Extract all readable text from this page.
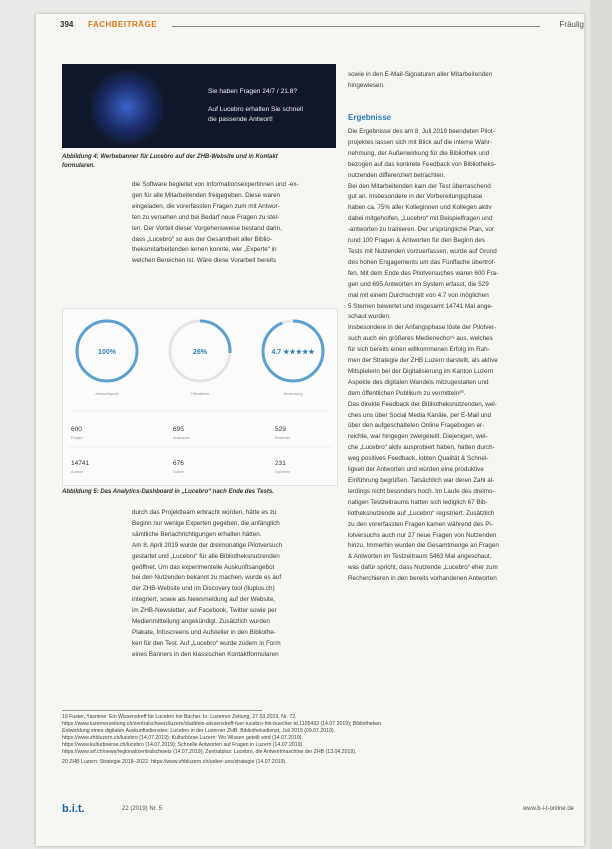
394 FACHBEITRÄGE	Fräulig
Sie haben Fragen 24/7 / 21.8?
Auf Lucebro erhalten Sie schnell
die passende Antwort!
Abbildung 4: Werbebanner für Lucebro auf der ZHB-Website und in Kontakt
formularen.
die Software begleitet von Informationsexpertinnen und -ex-
gen für alle Mitarbeitenden freigegeben. Diese waren
eingeladen, die vorerfassten Fragen zum mit Antwor-
ten zu versehen und bei Bedarf neue Fragen zu stel-
len. Der Vorteil dieser Vorgehensweise bestand darin,
dass „Lucebro“ so aus der Gesamtheit aller Biblio-
theksmitarbeitenden lernen konnte, wer „Experte“ in
welchen Bereichen ist. Wäre diese Vorarbeit bereits
100%	26%	4.7 ★★★★★
Antwortquote	Öffentliche	Bewertung
600
Fragen
695
Antworten
529
Bewertet
14741
Aufrufe
676
Nutzer
231
Experten
Abbildung 5: Das Analytics-Dashboard in „Lucebro“ nach Ende des Tests.
durch das Projektteam erbracht worden, hätte es zu
Beginn nur wenige Experten gegeben, die anfänglich
sämtliche Benachrichtigungen erhalten hätten.
Am 8. April 2019 wurde der dreimonatige Pilotversuch
gestartet und „Lucebro“ für alle Bibliotheksnutzenden
geöffnet. Um das experimentelle Auskunftsangebot
bei den Nutzenden bekannt zu machen, wurde es auf
der ZHB-Website und im Discovery tool (Iluplus.ch)
integriert, sowie als Newsmeldung auf der Website,
im ZHB-Newsletter, auf Facebook, Twitter sowie per
Medienmitteilung angekündigt. Zusätzlich wurden
Plakate, Infoscreens und Aufsteller in den Bibliothe-
ken für den Test. Auf „Lucebro“ wurde zudem in Form
eines Banners in den klassischen Kontaktformularen
sowie in den E-Mail-Signaturen aller Mitarbeitenden
hingewiesen.
Ergebnisse
Die Ergebnisse des am 8. Juli 2019 beendeten Pilot-
projektes lassen sich mit Blick auf die interne Wahr-
nehmung, der Außenwirkung für die Bibliothek und
bezogen auf das konkrete Feedback von Bibliotheks-
nutzenden differenziert betrachten.
Bei den Mitarbeitenden kam der Test überraschend
gut an. Insbesondere in der Vorbereitungsphase
haben ca. 75% aller Kolleginnen und Kollegen aktiv
dabei mitgeholfen, „Lucebro“ mit Beispielfragen und
-antworten zu trainieren. Der ursprüngliche Plan, vor
rund 100 Fragen & Antworten für den Beginn des
Tests mit Nutzenden vorzuerfassen, wurde auf Grund
des hohen Engagements um das Fünffache übertrof-
fen. Mit dem Ende des Pilotversuches waren 600 Fra-
gen und 695 Antworten im System erfasst, die 529
mal mit einem Durchschnitt von 4.7 von möglichen
5 Sternen bewertet und insgesamt 14741 Mal ange-
schaut wurden.
Insbesondere in der Anfangsphase löste der Pilotver-
such auch ein größeres Medienecho¹⁹ aus, welches
für sich bereits einen willkommenen Erfolg im Rah-
men der Strategie der ZHB Luzern darstellt, als aktive
Mitspielerin bei der Digitalisierung im Kanton Luzern
Aspekte des digitalen Wandels mitzugestalten und
dem öffentlichen Publikum zu vermitteln²⁰.
Das direkte Feedback der Bibliotheksnutzenden, wel-
ches uns über Social Media Kanäle, per E-Mail und
über den aufgeschalteten Online Fragebogen er-
reichte, war hingegen zweigeteilt. Diejenigen, wel-
che „Lucebro“ aktiv ausprobiert haben, hatten durch-
weg positives Feedback, lobten Qualität & Schnel-
ligkeit der Antworten und würden eine produktive
Einführung begrüßen. Tatsächlich war deren Zahl al-
lerdings nicht besonders hoch. Im Laufe des dreimo-
natigen Testzeitraums hatten sich lediglich 67 Bib-
liotheksnutzende auf „Lucebro“ registriert. Zusätzlich
zu den vorerfassten Fragen kamen während des Pi-
lotversuchs auch nur 27 neue Fragen von Nutzenden
hinzu. Immerhin wurden die Gesamtmenge an Fragen
& Antworten im Testzeitraum 5463 Mal angeschaut,
was dafür spricht, dass Nutzende „Lucebro“ eher zum
Recherchieren in den bereits vorhandenen Antworten
19 Fuster, Yasmine: Ein Wissenstreff für Lucebro hin Bücher. In: Luzerner Zeitung, 27.03.2019, Nr. 72.
https://www.luzernerzeitung.ch/zentralschweiz/luzern/stadt/ein-wissenstreff-fuer-lucebro-hin-buecher-ld.1105432 (14.07.2019); Bibliotheken.
Entwicklung eines digitalen Auskunftsdienstes: Lucebro in der Luzerner ZHB. Bibliotheksdienst, Juli 2019 (09.07.2019).
https://www.zhbluzern.ch/lucebro (14.07.2019); Kulturbörse Luzern: Wo Wissen geteilt wird (14.07.2019).
https://www.kulturboerse.ch/lucebro (14.07.2019); Schnelle Antworten auf Fragen in Luzern (14.07.2019).
https://www.srf.ch/news/regional/zentralschweiz (14.07.2019); Zentralplus: Lucebro, die Antwortmaschine der ZHB (13.04.2019).
20 ZHB Luzern: Strategie 2018–2022. https://www.zhbluzern.ch/ueber-uns/strategie (14.07.2019).
b.i.t.	22 (2019) Nr. 5	www.b-i-t-online.de
